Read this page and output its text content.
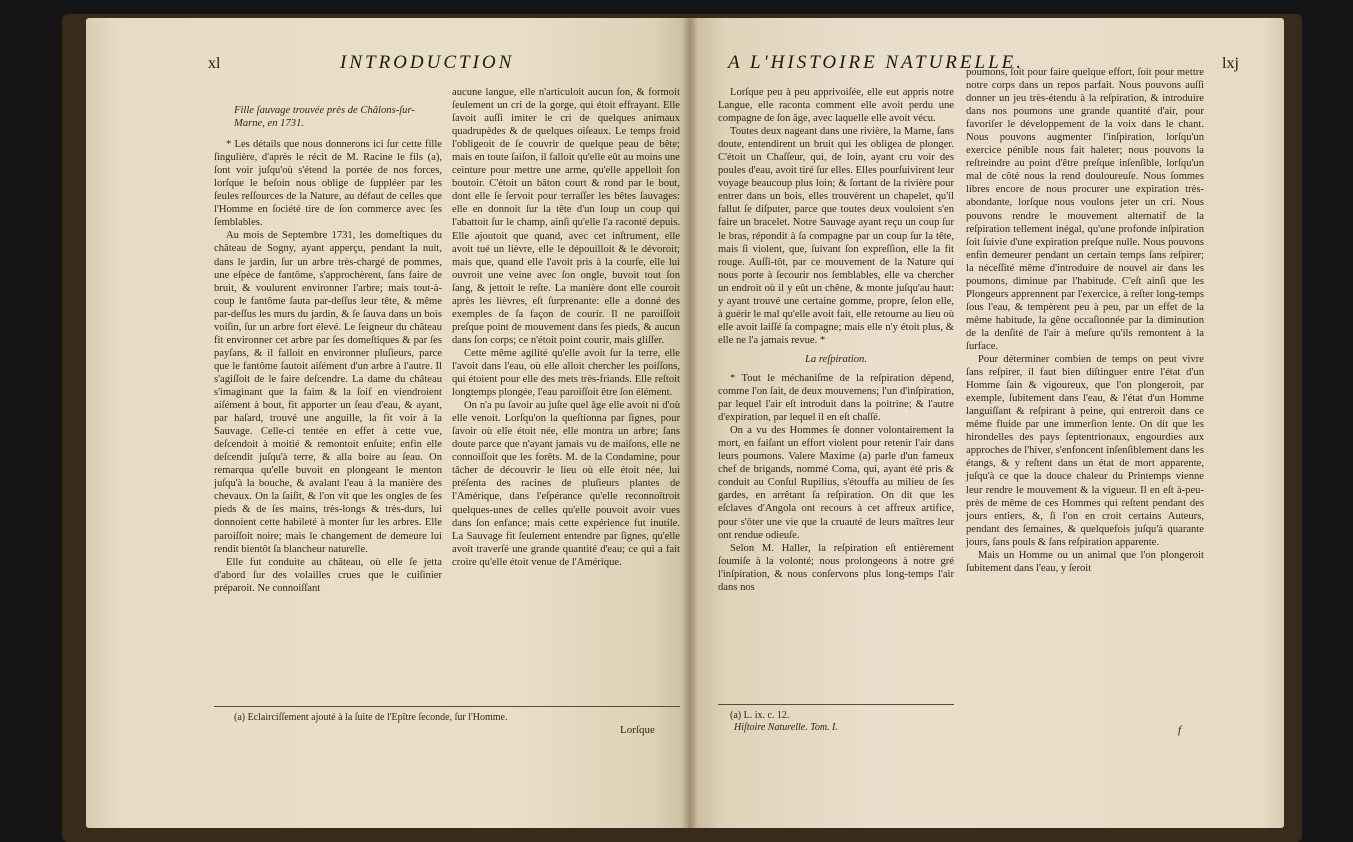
xl	INTRODUCTION

Fille ſauvage trouvée près de Châlons-ſur-Marne, en 1731.

* Les détails que nous donnerons ici ſur cette fille ſingulière, d'après le récit de M. Racine le fils (a), ſont voir juſqu'où s'étend la portée de nos forces, lorſque le beſoin nous oblige de ſuppléer par les ſeules reſſources de la Nature, au défaut de celles que l'Homme en ſociété tire de ſon commerce avec ſes ſemblables.

Au mois de Septembre 1731, les domeſtiques du château de Sogny, ayant apperçu, pendant la nuit, dans le jardin, ſur un arbre très-chargé de pommes, une eſpèce de fantôme, s'approchèrent, ſans faire de bruit, & voulurent environner l'arbre; mais tout-à-coup le fantôme ſauta par-deſſus leur tête, & même par-deſſus les murs du jardin, & ſe ſauva dans un bois voiſin, ſur un arbre fort élevé. Le ſeigneur du château fit environner cet arbre par ſes domeſtiques & par ſes payſans, & il falloit en environner pluſieurs, parce que le fantôme ſautoit aiſément d'un arbre à l'autre. Il s'agiſſoit de le faire deſcendre. La dame du château s'imaginant que la faim & la ſoif en viendroient aiſément à bout, fit apporter un ſeau d'eau, & ayant, par haſard, trouvé une anguille, la fit voir à la Sauvage. Celle-ci tentée en effet à cette vue, deſcendoit à moitié & remontoit enſuite; enfin elle deſcendit juſqu'à terre, & alla boire au ſeau. On remarqua qu'elle buvoit en plongeant le menton juſqu'à la bouche, & avalant l'eau à la manière des chevaux. On la ſaiſit, & l'on vit que les ongles de ſes pieds & de ſes mains, très-longs & très-durs, lui donnoient cette habileté à monter ſur les arbres. Elle paroiſſoit noire; mais le changement de demeure lui rendit bientôt ſa blancheur naturelle.

Elle fut conduite au château, où elle ſe jetta d'abord ſur des volailles crues que le cuiſinier préparoit. Ne connoiſſant

aucune langue, elle n'articuloit aucun ſon, & formoit ſeulement un cri de la gorge, qui étoit effrayant. Elle ſavoit auſſi imiter le cri de quelques animaux quadrupèdes & de quelques oiſeaux. Le temps froid l'obligeoit de ſe couvrir de quelque peau de bête; mais en toute ſaiſon, il falloit qu'elle eût au moins une ceinture pour mettre une arme, qu'elle appelloit ſon boutoir. C'étoit un bâton court & rond par le bout, dont elle ſe ſervoit pour terraſſer les bêtes ſauvages: elle en donnoit ſur la tête d'un loup un coup qui l'abattoit ſur le champ, ainſi qu'elle l'a raconté depuis. Elle ajoutoit que quand, avec cet inſtrument, elle avoit tué un lièvre, elle le dépouilloit & le dévoroit; mais que, quand elle l'avoit pris à la courſe, elle lui ouvroit une veine avec ſon ongle, buvoit tout ſon ſang, & jettoit le reſte. La manière dont elle couroit après les lièvres, eſt ſurprenante: elle a donné des exemples de ſa façon de courir. Il ne paroiſſoit preſque point de mouvement dans ſes pieds, & aucun dans ſon corps; ce n'étoit point courir, mais gliſſer.

Cette même agilité qu'elle avoit ſur la terre, elle l'avoit dans l'eau, où elle alloit chercher les poiſſons, qui étoient pour elle des mets très-friands. Elle reſtoit longtemps plongée, l'eau paroiſſoit être ſon élément.

On n'a pu ſavoir au juſte quel âge elle avoit ni d'où elle venoit. Lorſqu'on la queſtionna par ſignes, pour ſavoir où elle étoit née, elle montra un arbre; ſans doute parce que n'ayant jamais vu de maiſons, elle ne connoiſſoit que les forêts. M. de la Condamine, pour tâcher de découvrir le lieu où elle étoit née, lui préſenta des racines de pluſieurs plantes de l'Amérique, dans l'eſpérance qu'elle reconnoîtroit quelques-unes de celles qu'elle pouvoit avoir vues dans ſon enfance; mais cette expérience fut inutile. La Sauvage fit ſeulement entendre par ſignes, qu'elle avoit traverſé une grande quantité d'eau; ce qui a fait croire qu'elle étoit venue de l'Amérique.

(a) Eclairciſſement ajouté à la ſuite de l'Epître ſeconde, ſur l'Homme.
Lorſque
A L'HISTOIRE NATURELLE.	lxj

Lorſque peu à peu apprivoiſée, elle eut appris notre Langue, elle raconta comment elle avoit perdu une compagne de ſon âge, avec laquelle elle avoit vécu.

Toutes deux nageant dans une rivière, la Marne, ſans doute, entendirent un bruit qui les obligea de plonger. C'étoit un Chaſſeur, qui, de loin, ayant cru voir des poules d'eau, avoit tiré ſur elles. Elles pourſuivirent leur voyage beaucoup plus loin; & ſortant de la rivière pour entrer dans un bois, elles trouvèrent un chapelet, qu'il fallut ſe diſputer, parce que toutes deux vouloient s'en faire un bracelet. Notre Sauvage ayant reçu un coup ſur le bras, répondit à ſa compagne par un coup ſur la tête, mais ſi violent, que, ſuivant ſon expreſſion, elle la fit rouge. Auſſi-tôt, par ce mouvement de la Nature qui nous porte à ſecourir nos ſemblables, elle va chercher un endroit où il y eût un chêne, & monte juſqu'au haut: y ayant trouvé une certaine gomme, propre, ſelon elle, à guérir le mal qu'elle avoit fait, elle retourne au lieu où elle avoit laiſſé ſa compagne; mais elle n'y étoit plus, & elle ne l'a jamais revue. *

La reſpiration.

* Tout le méchaniſme de la reſpiration dépend, comme l'on ſait, de deux mouvemens; l'un d'inſpiration, par lequel l'air eſt introduit dans la poitrine; & l'autre d'expiration, par lequel il en eſt chaſſé.

On a vu des Hommes ſe donner volontairement la mort, en faiſant un effort violent pour retenir l'air dans leurs poumons. Valere Maxime (a) parle d'un fameux chef de brigands, nommé Coma, qui, ayant été pris & conduit au Conſul Rupilius, s'étouffa au milieu de ſes gardes, en arrêtant ſa reſpiration. On dit que les eſclaves d'Angola ont recours à cet affreux artifice, pour s'ôter une vie que la cruauté de leurs maîtres leur ont rendue odieuſe.

Selon M. Haller, la reſpiration eſt entièrement ſoumiſe à la volonté; nous prolongeons à notre gré l'inſpiration, & nous conſervons plus long-temps l'air dans nos

poumons, ſoit pour faire quelque effort, ſoit pour mettre notre corps dans un repos parfait. Nous pouvons auſſi donner un jeu très-étendu à la reſpiration, & introduire dans nos poumons une grande quantité d'air, pour favoriſer le développement de la voix dans le chant. Nous pouvons augmenter l'inſpiration, lorſqu'un exercice pénible nous fait haleter; nous pouvons la reſtreindre au point d'être preſque inſenſible, lorſqu'un mal de côté nous la rend douloureuſe. Nous ſommes libres encore de nous procurer une expiration très-abondante, lorſque nous voulons jeter un cri. Nous pouvons rendre le mouvement alternatif de la reſpiration tellement inégal, qu'une profonde inſpiration ſoit ſuivie d'une expiration preſque nulle. Nous pouvons enfin demeurer pendant un certain temps ſans reſpirer; la néceſſité même d'introduire de nouvel air dans les poumons, diminue par l'habitude. C'eſt ainſi que les Plongeurs apprennent par l'exercice, à reſter long-temps ſous l'eau, & tempèrent peu à peu, par un effet de la même habitude, la gêne occaſionnée par la diminution de la denſité de l'air à meſure qu'ils remontent à la ſurface.

Pour déterminer combien de temps on peut vivre ſans reſpirer, il faut bien diſtinguer entre l'état d'un Homme ſain & vigoureux, que l'on plongeroit, par exemple, ſubitement dans l'eau, & l'état d'un Homme languiſſant & reſpirant à peine, qui entreroit dans ce même fluide par une immerſion lente. On dit que les hirondelles des pays ſeptentrionaux, engourdies aux approches de l'hiver, s'enfoncent inſenſiblement dans les étangs, & y reſtent dans un état de mort apparente, juſqu'à ce que la douce chaleur du Printemps vienne leur rendre le mouvement & la vigueur. Il en eſt à-peu-près de même de ces Hommes qui reſtent pendant des jours entiers, &, ſi l'on en croit certains Auteurs, pendant des ſemaines, & quelquefois juſqu'à quarante jours, ſans pouls & ſans reſpiration apparente.

Mais un Homme ou un animal que l'on plongeroit ſubitement dans l'eau, y ſeroit

(a) L. ix. c. 12.
Hiſtoire Naturelle. Tom. I.	f
